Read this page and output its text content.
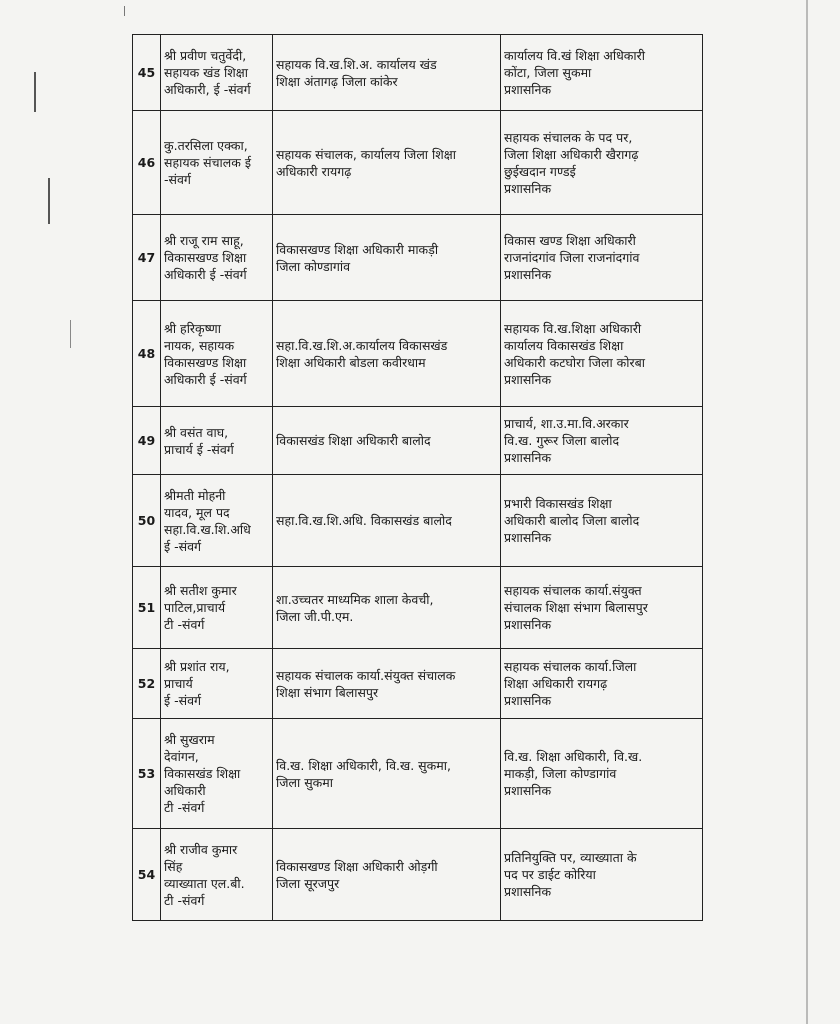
45	श्री प्रवीण चतुर्वेदी,
सहायक खंड शिक्षा
अधिकारी, ई -संवर्ग	सहायक वि.ख.शि.अ. कार्यालय खंड
शिक्षा अंतागढ़ जिला कांकेर	कार्यालय वि.खं शिक्षा अधिकारी
कोंटा, जिला सुकमा
प्रशासनिक
46	कु.तरसिला एक्का,
सहायक संचालक ई
-संवर्ग	सहायक संचालक, कार्यालय जिला शिक्षा
अधिकारी रायगढ़	सहायक संचालक के पद पर,
जिला शिक्षा अधिकारी खैरागढ़
छुईखदान गण्डई
प्रशासनिक
47	श्री राजू राम साहू,
विकासखण्ड शिक्षा
अधिकारी ई -संवर्ग	विकासखण्ड शिक्षा अधिकारी माकड़ी
जिला कोण्डागांव	विकास खण्ड शिक्षा अधिकारी
राजनांदगांव जिला राजनांदगांव
प्रशासनिक
48	श्री हरिकृष्णा
नायक, सहायक
विकासखण्ड शिक्षा
अधिकारी ई -संवर्ग	सहा.वि.ख.शि.अ.कार्यालय विकासखंड
शिक्षा अधिकारी बोडला कवीरधाम	सहायक वि.ख.शिक्षा अधिकारी
कार्यालय विकासखंड शिक्षा
अधिकारी कटघोरा जिला कोरबा
प्रशासनिक
49	श्री वसंत वाघ,
प्राचार्य ई -संवर्ग	विकासखंड शिक्षा अधिकारी बालोद	प्राचार्य, शा.उ.मा.वि.अरकार
वि.ख. गुरूर जिला बालोद
प्रशासनिक
50	श्रीमती मोहनी
यादव, मूल पद
सहा.वि.ख.शि.अधि
ई -संवर्ग	सहा.वि.ख.शि.अधि. विकासखंड बालोद	प्रभारी विकासखंड शिक्षा
अधिकारी बालोद जिला बालोद
प्रशासनिक
51	श्री सतीश कुमार
पाटिल,प्राचार्य
टी -संवर्ग	शा.उच्चतर माध्यमिक शाला केवची,
जिला जी.पी.एम.	सहायक संचालक कार्या.संयुक्त
संचालक शिक्षा संभाग बिलासपुर
प्रशासनिक
52	श्री प्रशांत राय,
प्राचार्य
ई -संवर्ग	सहायक संचालक कार्या.संयुक्त संचालक
शिक्षा संभाग बिलासपुर	सहायक संचालक कार्या.जिला
शिक्षा अधिकारी रायगढ़
प्रशासनिक
53	श्री सुखराम
देवांगन,
विकासखंड शिक्षा
अधिकारी
टी -संवर्ग	वि.ख. शिक्षा अधिकारी, वि.ख. सुकमा,
जिला सुकमा	वि.ख. शिक्षा अधिकारी, वि.ख.
माकड़ी, जिला कोण्डागांव
प्रशासनिक
54	श्री राजीव कुमार
सिंह
व्याख्याता एल.बी.
टी -संवर्ग	विकासखण्ड शिक्षा अधिकारी ओड़गी
जिला सूरजपुर	प्रतिनियुक्ति पर, व्याख्याता के
पद पर डाईट कोरिया
प्रशासनिक
